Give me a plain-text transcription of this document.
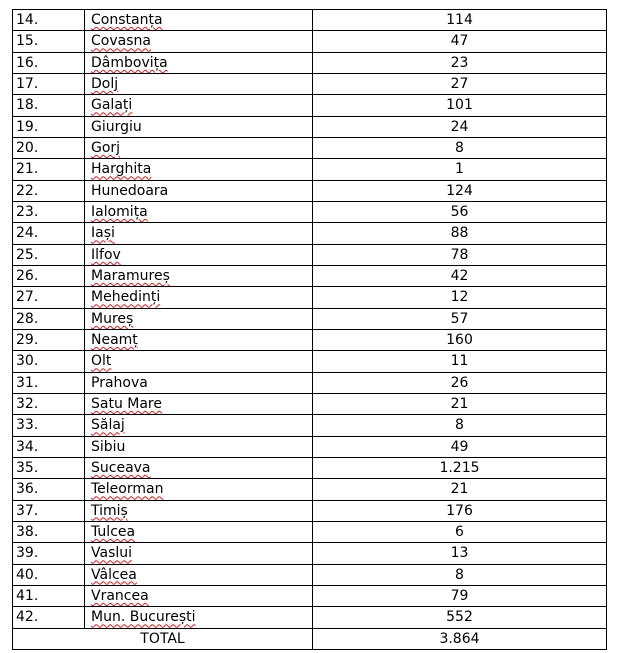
14.	Constanța	114
15.	Covasna	47
16.	Dâmbovița	23
17.	Dolj	27
18.	Galați	101
19.	Giurgiu	24
20.	Gorj	8
21.	Harghita	1
22.	Hunedoara	124
23.	Ialomița	56
24.	Iași	88
25.	Ilfov	78
26.	Maramureș	42
27.	Mehedinți	12
28.	Mureș	57
29.	Neamț	160
30.	Olt	11
31.	Prahova	26
32.	Satu Mare	21
33.	Sălaj	8
34.	Sibiu	49
35.	Suceava	1.215
36.	Teleorman	21
37.	Timiș	176
38.	Tulcea	6
39.	Vaslui	13
40.	Vâlcea	8
41.	Vrancea	79
42.	Mun. București	552
TOTAL		3.864
